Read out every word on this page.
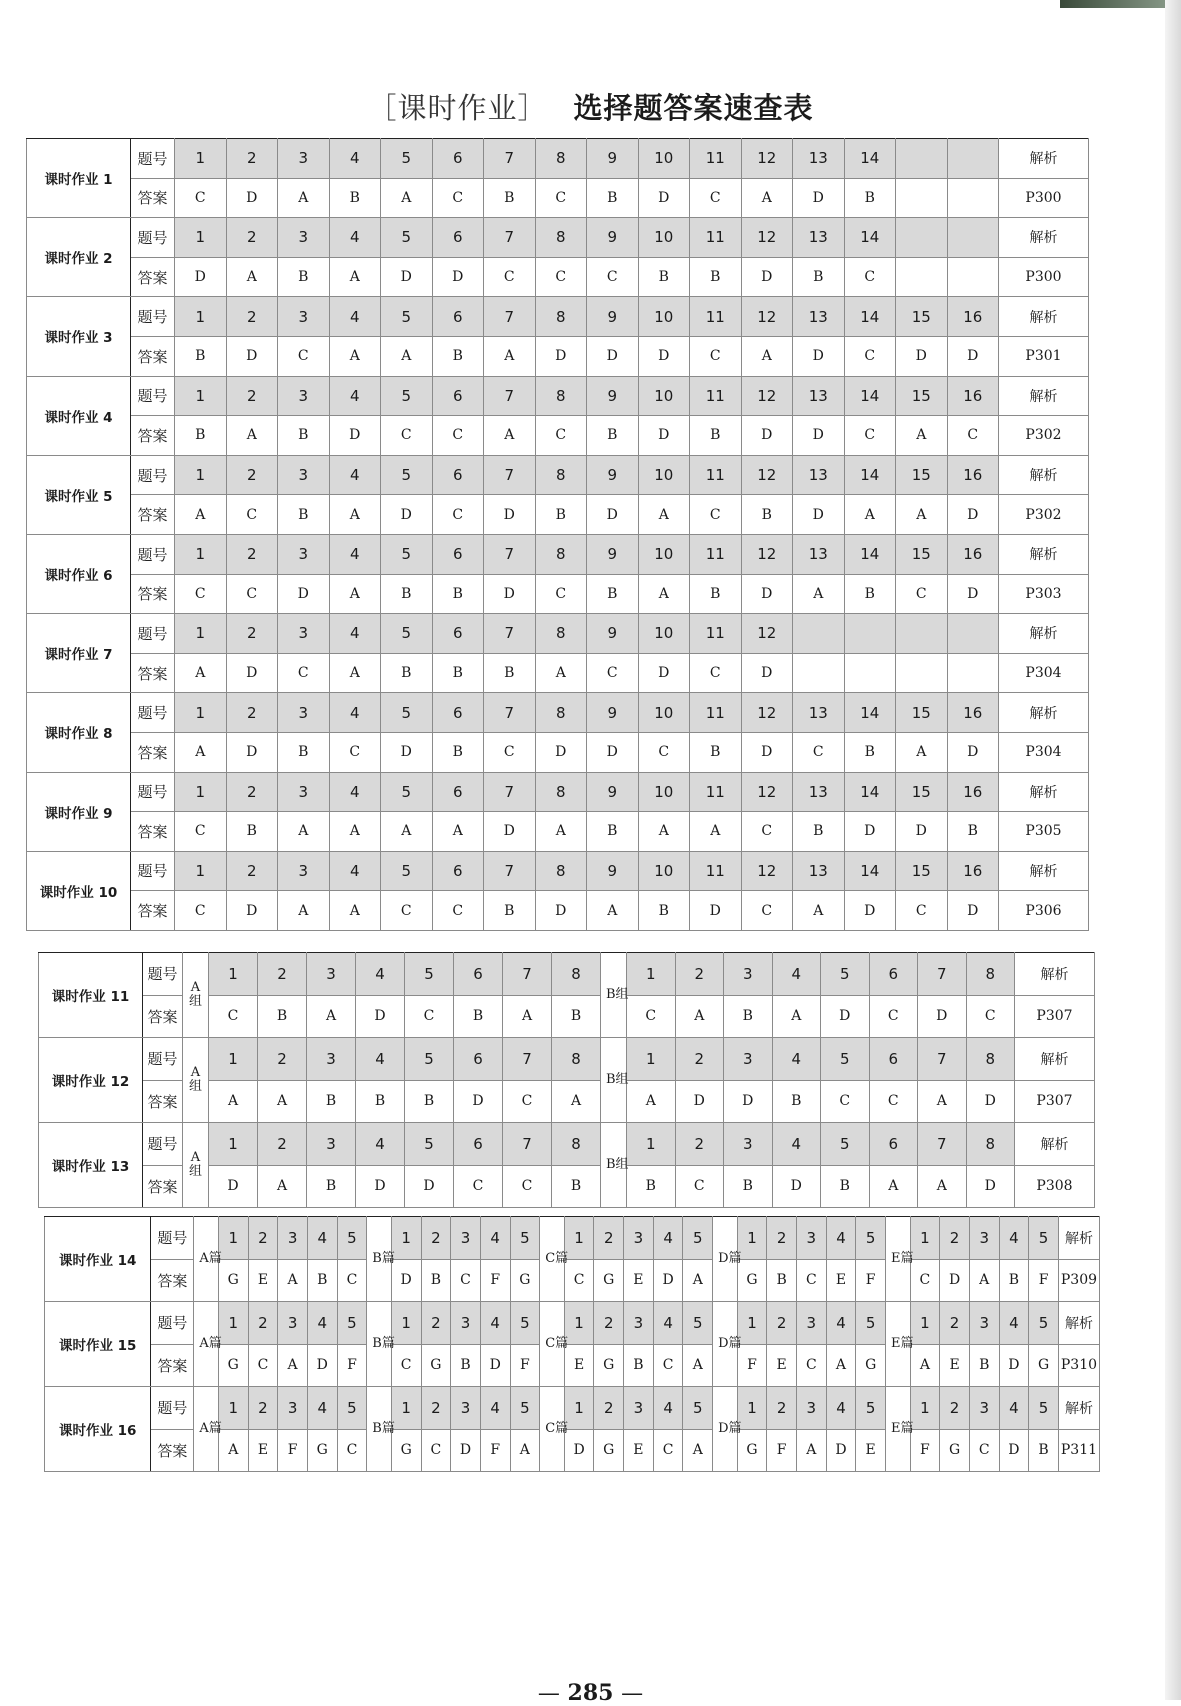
［课时作业］ 选择题答案速查表
课时作业 1	题号	1	2	3	4	5	6	7	8	9	10	11	12	13	14			解析
	答案	C	D	A	B	A	C	B	C	B	D	C	A	D	B			P300
课时作业 2	题号	1	2	3	4	5	6	7	8	9	10	11	12	13	14			解析
	答案	D	A	B	A	D	D	C	C	C	B	B	D	B	C			P300
课时作业 3	题号	1	2	3	4	5	6	7	8	9	10	11	12	13	14	15	16	解析
	答案	B	D	C	A	A	B	A	D	D	D	C	A	D	C	D	D	P301
课时作业 4	题号	1	2	3	4	5	6	7	8	9	10	11	12	13	14	15	16	解析
	答案	B	A	B	D	C	C	A	C	B	D	B	D	D	C	A	C	P302
课时作业 5	题号	1	2	3	4	5	6	7	8	9	10	11	12	13	14	15	16	解析
	答案	A	C	B	A	D	C	D	B	D	A	C	B	D	A	A	D	P302
课时作业 6	题号	1	2	3	4	5	6	7	8	9	10	11	12	13	14	15	16	解析
	答案	C	C	D	A	B	B	D	C	B	A	B	D	A	B	C	D	P303
课时作业 7	题号	1	2	3	4	5	6	7	8	9	10	11	12					解析
	答案	A	D	C	A	B	B	B	A	C	D	C	D					P304
课时作业 8	题号	1	2	3	4	5	6	7	8	9	10	11	12	13	14	15	16	解析
	答案	A	D	B	C	D	B	C	D	D	C	B	D	C	B	A	D	P304
课时作业 9	题号	1	2	3	4	5	6	7	8	9	10	11	12	13	14	15	16	解析
	答案	C	B	A	A	A	A	D	A	B	A	A	C	B	D	D	B	P305
课时作业 10	题号	1	2	3	4	5	6	7	8	9	10	11	12	13	14	15	16	解析
	答案	C	D	A	A	C	C	B	D	A	B	D	C	A	D	C	D	P306
课时作业 11	题号	A组	1	2	3	4	5	6	7	8	B组	1	2	3	4	5	6	7	8	解析
	答案		C	B	A	D	C	B	A	B		C	A	B	A	D	C	D	C	P307
课时作业 12	题号	A组	1	2	3	4	5	6	7	8	B组	1	2	3	4	5	6	7	8	解析
	答案		A	A	B	B	B	D	C	A		A	D	D	B	C	C	A	D	P307
课时作业 13	题号	A组	1	2	3	4	5	6	7	8	B组	1	2	3	4	5	6	7	8	解析
	答案		D	A	B	D	D	C	C	B		B	C	B	D	B	A	A	D	P308
课时作业 14	题号	A篇	1	2	3	4	5	B篇	1	2	3	4	5	C篇	1	2	3	4	5	D篇	1	2	3	4	5	E篇	1	2	3	4	5	解析
	答案		G	E	A	B	C		D	B	C	F	G		C	G	E	D	A		G	B	C	E	F		C	D	A	B	F	P309
课时作业 15	题号	A篇	1	2	3	4	5	B篇	1	2	3	4	5	C篇	1	2	3	4	5	D篇	1	2	3	4	5	E篇	1	2	3	4	5	解析
	答案		G	C	A	D	F		C	G	B	D	F		E	G	B	C	A		F	E	C	A	G		A	E	B	D	G	P310
课时作业 16	题号	A篇	1	2	3	4	5	B篇	1	2	3	4	5	C篇	1	2	3	4	5	D篇	1	2	3	4	5	E篇	1	2	3	4	5	解析
	答案		A	E	F	G	C		G	C	D	F	A		D	G	E	C	A		G	F	A	D	E		F	G	C	D	B	P311
— 285 —
